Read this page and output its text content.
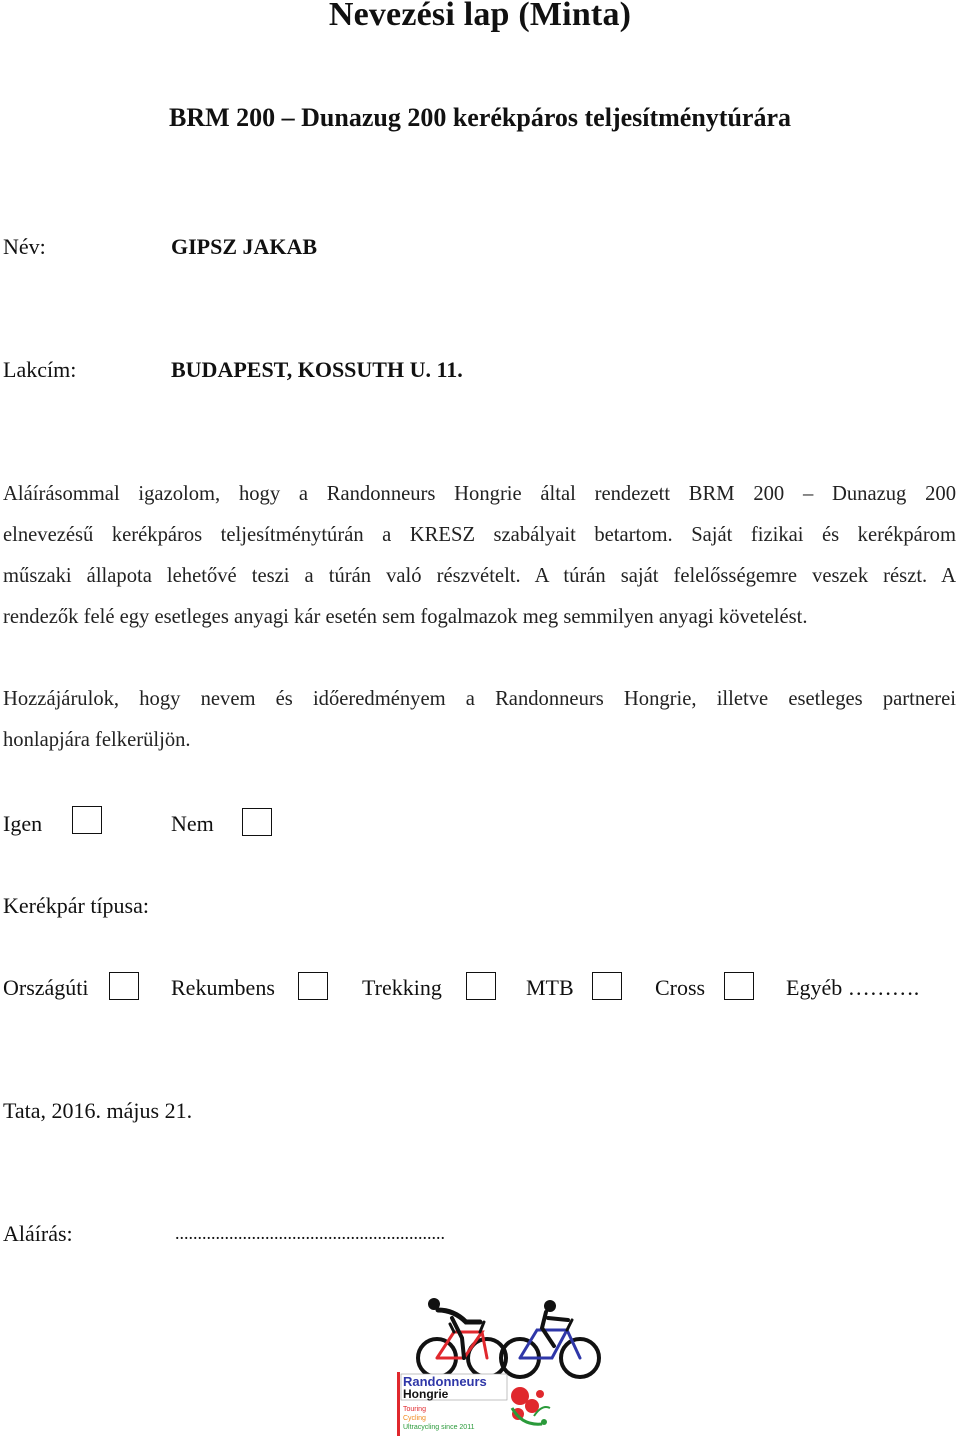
Nevezési lap (Minta)
BRM 200 – Dunazug 200 kerékpáros teljesítménytúrára
Név:	GIPSZ JAKAB
Lakcím:	BUDAPEST, KOSSUTH U. 11.
Aláírásommal igazolom, hogy a Randonneurs Hongrie által rendezett BRM 200 – Dunazug 200
elnevezésű kerékpáros teljesítménytúrán a KRESZ szabályait betartom. Saját fizikai és kerékpárom
műszaki állapota lehetővé teszi a túrán való részvételt. A túrán saját felelősségemre veszek részt. A
rendezők felé egy esetleges anyagi kár esetén sem fogalmazok meg semmilyen anyagi követelést.
Hozzájárulok, hogy nevem és időeredményem a Randonneurs Hongrie, illetve esetleges partnerei
honlapjára felkerüljön.
Igen	Nem
Kerékpár típusa:
Országúti	Rekumbens	Trekking	MTB	Cross	Egyéb ……….
Tata, 2016. május 21.
Aláírás:	............................................................
Randonneurs
Hongrie
Touring
Cycling
Ultracycling since 2011
